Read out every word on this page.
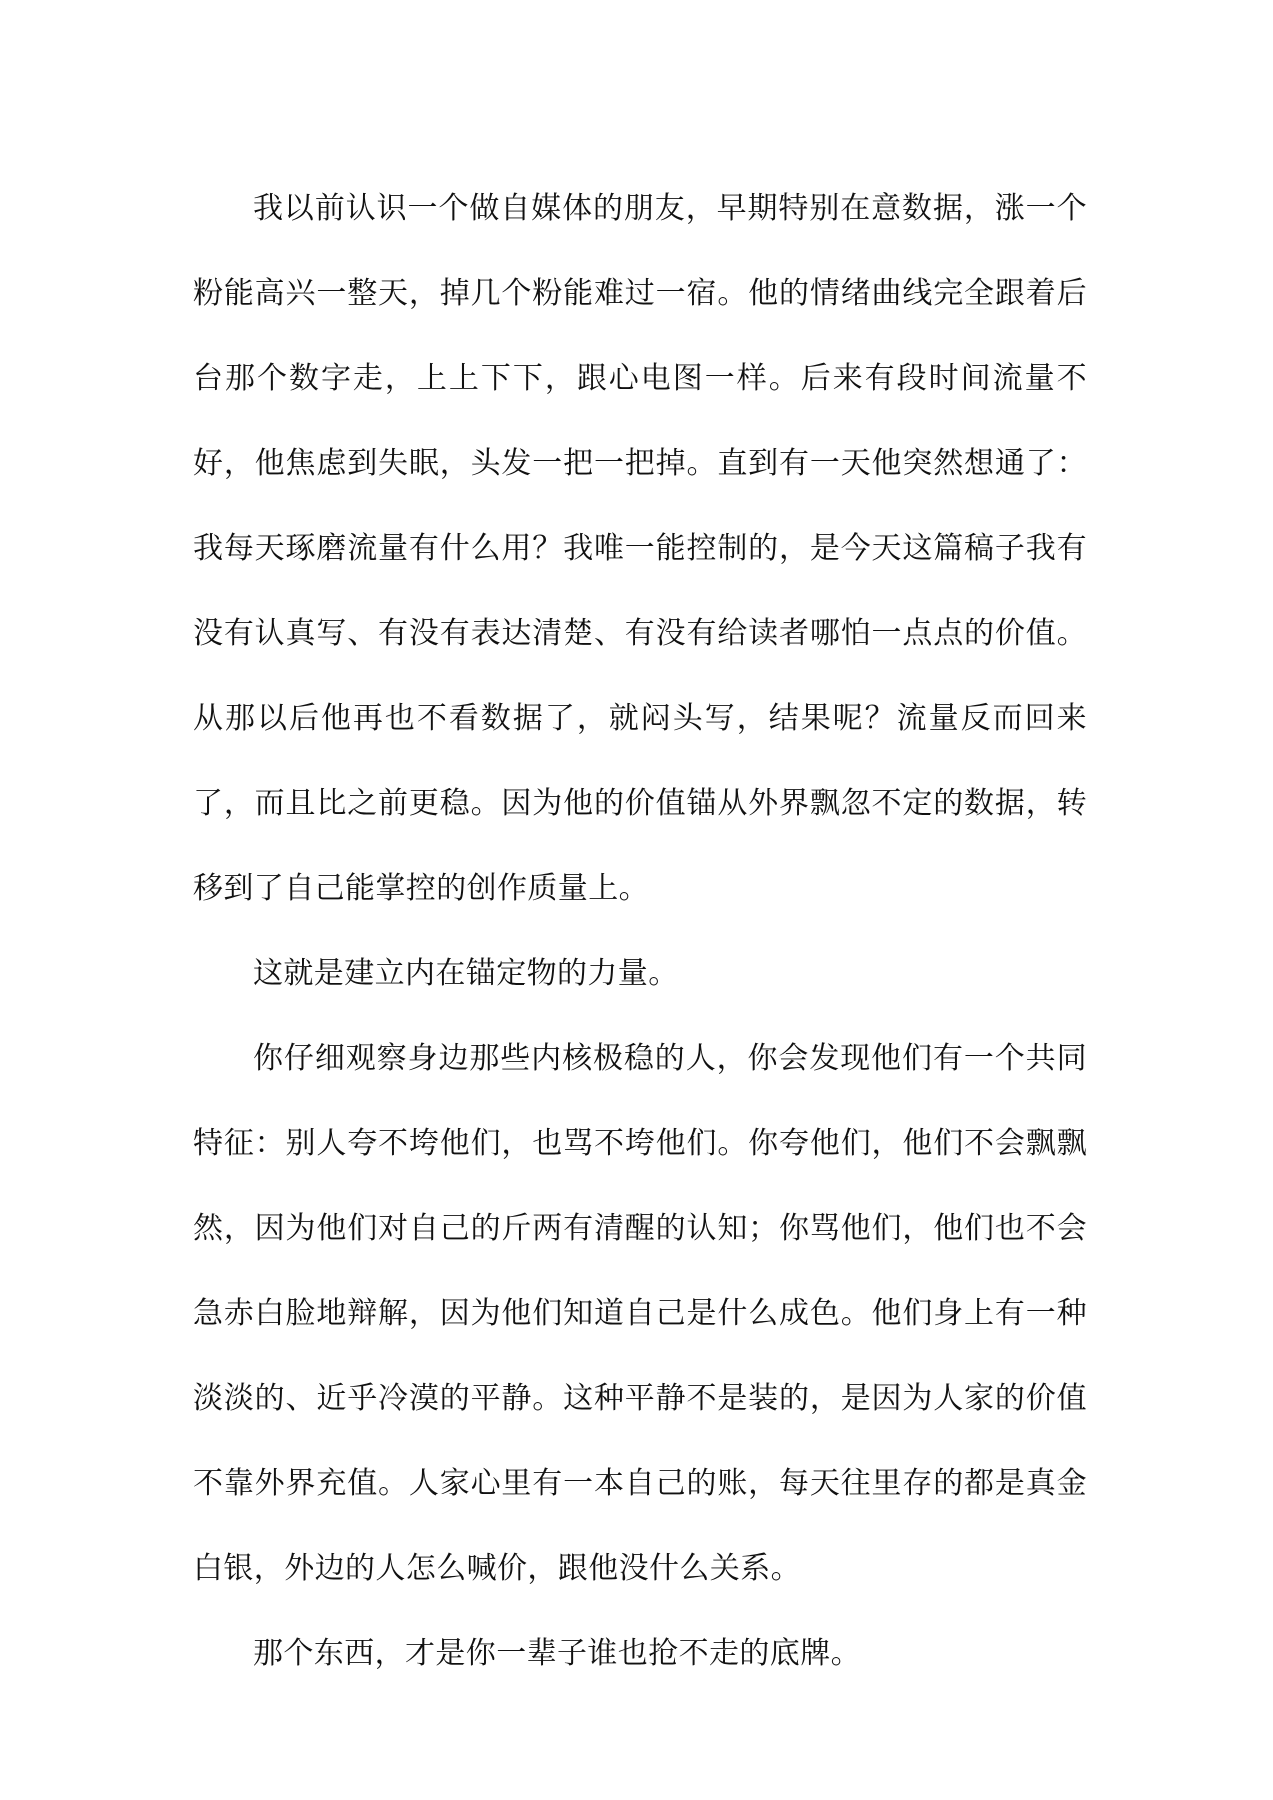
我以前认识一个做自媒体的朋友，早期特别在意数据，涨一个粉能高兴一整天，掉几个粉能难过一宿。他的情绪曲线完全跟着后台那个数字走，上上下下，跟心电图一样。后来有段时间流量不好，他焦虑到失眠，头发一把一把掉。直到有一天他突然想通了：我每天琢磨流量有什么用？我唯一能控制的，是今天这篇稿子我有没有认真写、有没有表达清楚、有没有给读者哪怕一点点的价值。从那以后他再也不看数据了，就闷头写，结果呢？流量反而回来了，而且比之前更稳。因为他的价值锚从外界飘忽不定的数据，转移到了自己能掌控的创作质量上。

这就是建立内在锚定物的力量。

你仔细观察身边那些内核极稳的人，你会发现他们有一个共同特征：别人夸不垮他们，也骂不垮他们。你夸他们，他们不会飘飘然，因为他们对自己的斤两有清醒的认知；你骂他们，他们也不会急赤白脸地辩解，因为他们知道自己是什么成色。他们身上有一种淡淡的、近乎冷漠的平静。这种平静不是装的，是因为人家的价值不靠外界充值。人家心里有一本自己的账，每天往里存的都是真金白银，外边的人怎么喊价，跟他没什么关系。

那个东西，才是你一辈子谁也抢不走的底牌。
